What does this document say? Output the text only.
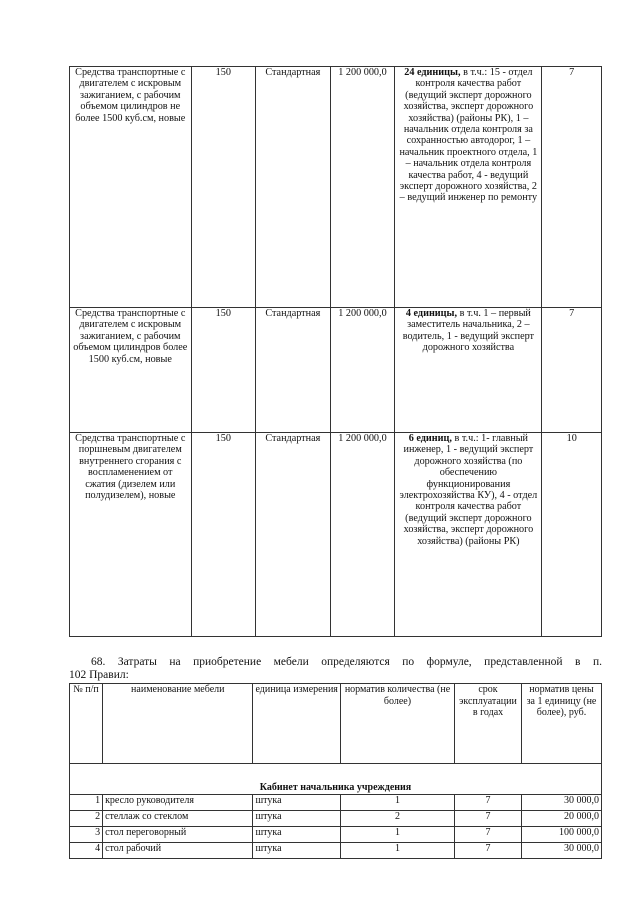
Средства транспортные с двигателем с искровым зажиганием, с рабочим объемом цилиндров не более 1500 куб.см, новые	150	Стандартная	1 200 000,0	24 единицы, в т.ч.: 15 - отдел контроля качества работ (ведущий эксперт дорожного хозяйства, эксперт дорожного хозяйства) (районы РК), 1 – начальник отдела контроля за сохранностью автодорог, 1 – начальник проектного отдела, 1 – начальник отдела контроля качества работ, 4 - ведущий эксперт дорожного хозяйства, 2 – ведущий инженер по ремонту	7
Средства транспортные с двигателем с искровым зажиганием, с рабочим объемом цилиндров более 1500 куб.см, новые	150	Стандартная	1 200 000,0	4 единицы, в т.ч. 1 – первый заместитель начальника, 2 – водитель, 1 - ведущий эксперт дорожного хозяйства	7
Средства транспортные с поршневым двигателем внутреннего сгорания с воспламенением от сжатия (дизелем или полудизелем), новые	150	Стандартная	1 200 000,0	6 единиц, в т.ч.: 1- главный инженер, 1 - ведущий эксперт дорожного хозяйства (по обеспечению функционирования электрохозяйства КУ), 4 - отдел контроля качества работ (ведущий эксперт дорожного хозяйства, эксперт дорожного хозяйства) (районы РК)	10
68. Затраты на приобретение мебели определяются по формуле, представленной в п.
102 Правил:
№ п/п	наименование мебели	единица измерения	норматив количества (не более)	срок эксплуатации в годах	норматив цены за 1 единицу (не более), руб.
Кабинет начальника учреждения					
1	кресло руководителя	штука	1	7	30 000,0
2	стеллаж со стеклом	штука	2	7	20 000,0
3	стол переговорный	штука	1	7	100 000,0
4	стол рабочий	штука	1	7	30 000,0
